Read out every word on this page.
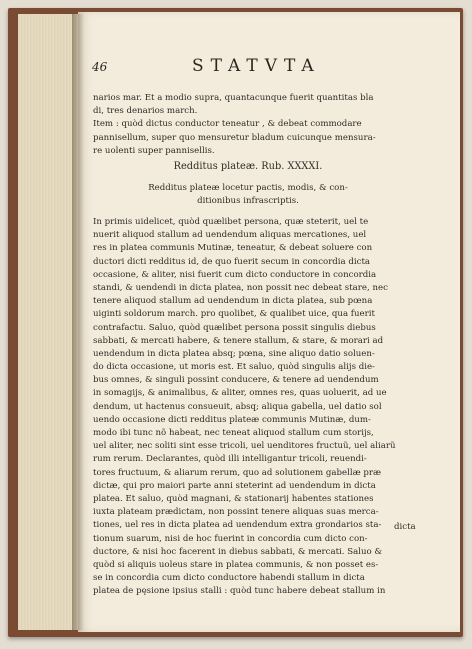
46	STATVTA
narios mar. Et a modio supra, quantacunque fuerit quantitas bla
di, tres denarios march.
Item : quòd dictus conductor teneatur , & debeat commodare
pannisellum, super quo mensuretur bladum cuicunque mensura-
re uolenti super pannisellis.
Redditus plateæ. Rub. XXXXI.
Redditus plateæ locetur pactis, modis, & con-
ditionibus infrascriptis.
In primis uidelicet, quòd quælibet persona, quæ steterit, uel te
nuerit aliquod stallum ad uendendum aliquas mercationes, uel
res in platea communis Mutinæ, teneatur, & debeat soluere con
ductori dicti redditus id, de quo fuerit secum in concordia dicta
occasione, & aliter, nisi fuerit cum dicto conductore in concordia
standi, & uendendi in dicta platea, non possit nec debeat stare, nec
tenere aliquod stallum ad uendendum in dicta platea, sub pœna
uiginti soldorum march. pro quolibet, & qualibet uice, qua fuerit
contrafactu. Saluo, quòd quælibet persona possit singulis diebus
sabbati, & mercati habere, & tenere stallum, & stare, & morari ad
uendendum in dicta platea absq; pœna, sine aliquo datio soluen-
do dicta occasione, ut moris est. Et saluo, quòd singulis alijs die-
bus omnes, & singuli possint conducere, & tenere ad uendendum
in somagijs, & animalibus, & aliter, omnes res, quas uoluerit, ad ue
dendum, ut hactenus consueuit, absq; aliqua gabella, uel datio sol
uendo occasione dicti redditus plateæ communis Mutinæ, dum-
modo ibi tunc nõ habeat, nec teneat aliquod stallum cum storijs,
uel aliter, nec soliti sint esse tricoli, uel uenditores fructuũ, uel aliarũ
rum rerum. Declarantes, quòd illi intelligantur tricoli, reuendi-
tores fructuum, & aliarum rerum, quo ad solutionem gabellæ præ
dictæ, qui pro maiori parte anni steterint ad uendendum in dicta
platea. Et saluo, quòd magnani, & stationarij habentes stationes
iuxta plateam prædictam, non possint tenere aliquas suas merca-
tiones, uel res in dicta platea ad uendendum extra grondarios sta-
tionum suarum, nisi de hoc fuerint in concordia cum dicto con-
ductore, & nisi hoc facerent in diebus sabbati, & mercati. Saluo &
quòd si aliquis uoleus stare in platea communis, & non posset es-
se in concordia cum dicto conductore habendi stallum in dicta
platea de pęsione ipsius stalli : quòd tunc habere debeat stallum in
dicta
